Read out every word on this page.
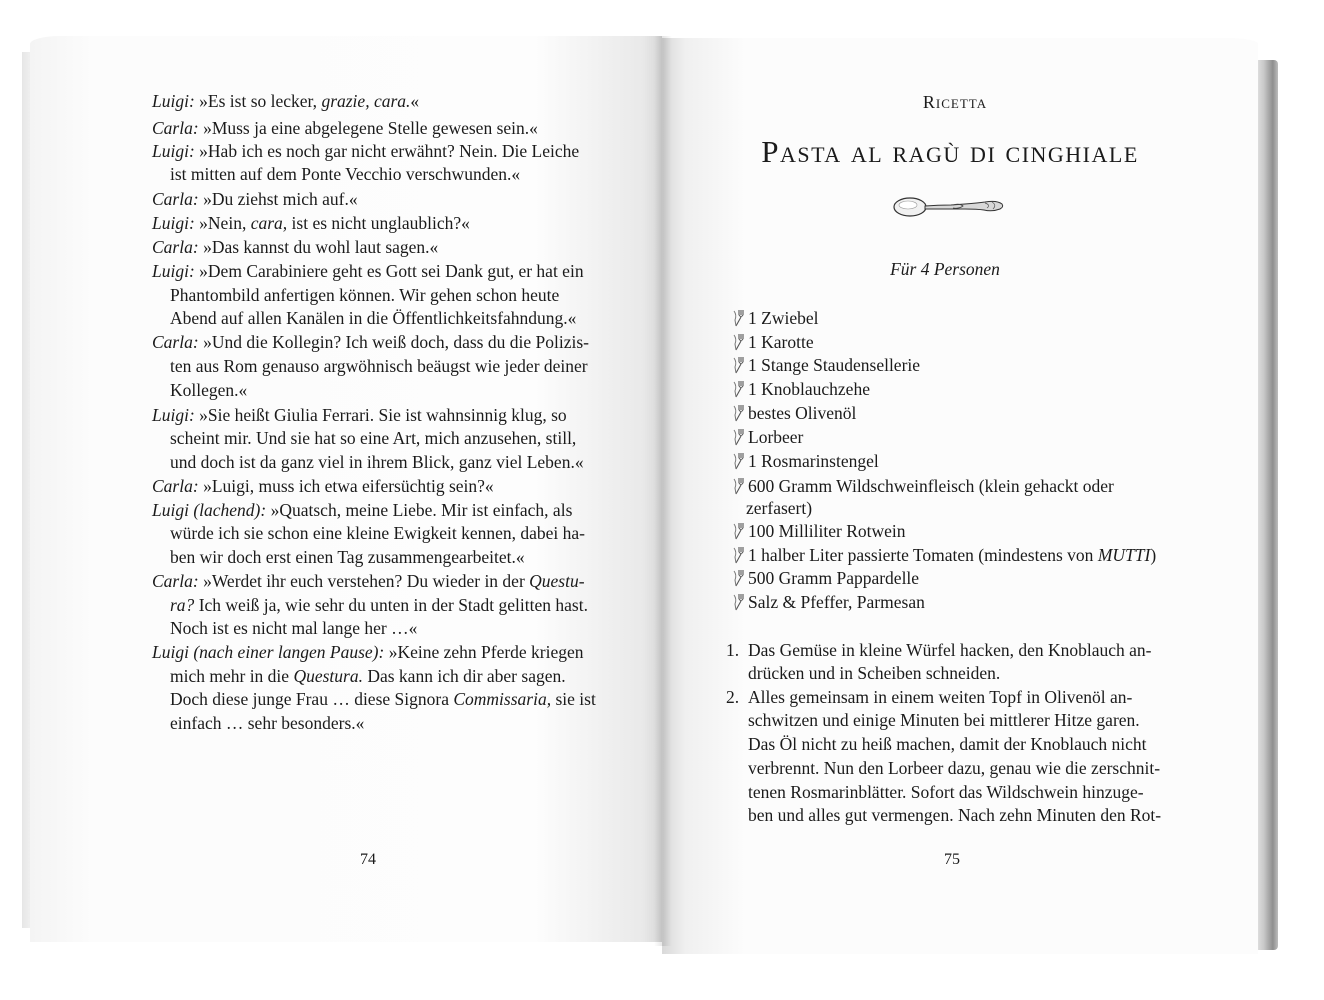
Luigi: »Es ist so lecker, grazie, cara.«
Carla: »Muss ja eine abgelegene Stelle gewesen sein.«
Luigi: »Hab ich es noch gar nicht erwähnt? Nein. Die Leiche
ist mitten auf dem Ponte Vecchio verschwunden.«
Carla: »Du ziehst mich auf.«
Luigi: »Nein, cara, ist es nicht unglaublich?«
Carla: »Das kannst du wohl laut sagen.«
Luigi: »Dem Carabiniere geht es Gott sei Dank gut, er hat ein
Phantombild anfertigen können. Wir gehen schon heute
Abend auf allen Kanälen in die Öffentlichkeitsfahndung.«
Carla: »Und die Kollegin? Ich weiß doch, dass du die Polizis-
ten aus Rom genauso argwöhnisch beäugst wie jeder deiner
Kollegen.«
Luigi: »Sie heißt Giulia Ferrari. Sie ist wahnsinnig klug, so
scheint mir. Und sie hat so eine Art, mich anzusehen, still,
und doch ist da ganz viel in ihrem Blick, ganz viel Leben.«
Carla: »Luigi, muss ich etwa eifersüchtig sein?«
Luigi (lachend): »Quatsch, meine Liebe. Mir ist einfach, als
würde ich sie schon eine kleine Ewigkeit kennen, dabei ha-
ben wir doch erst einen Tag zusammengearbeitet.«
Carla: »Werdet ihr euch verstehen? Du wieder in der Questu-
ra? Ich weiß ja, wie sehr du unten in der Stadt gelitten hast.
Noch ist es nicht mal lange her …«
Luigi (nach einer langen Pause): »Keine zehn Pferde kriegen
mich mehr in die Questura. Das kann ich dir aber sagen.
Doch diese junge Frau … diese Signora Commissaria, sie ist
einfach … sehr besonders.«
74
Ricetta
Pasta al ragù di cinghiale
Für 4 Personen
1 Zwiebel
1 Karotte
1 Stange Staudensellerie
1 Knoblauchzehe
bestes Olivenöl
Lorbeer
1 Rosmarinstengel
600 Gramm Wildschweinfleisch (klein gehackt oder
zerfasert)
100 Milliliter Rotwein
1 halber Liter passierte Tomaten (mindestens von MUTTI)
500 Gramm Pappardelle
Salz & Pfeffer, Parmesan
1. Das Gemüse in kleine Würfel hacken, den Knoblauch an-
drücken und in Scheiben schneiden.
2. Alles gemeinsam in einem weiten Topf in Olivenöl an-
schwitzen und einige Minuten bei mittlerer Hitze garen.
Das Öl nicht zu heiß machen, damit der Knoblauch nicht
verbrennt. Nun den Lorbeer dazu, genau wie die zerschnit-
tenen Rosmarinblätter. Sofort das Wildschwein hinzuge-
ben und alles gut vermengen. Nach zehn Minuten den Rot-
75
